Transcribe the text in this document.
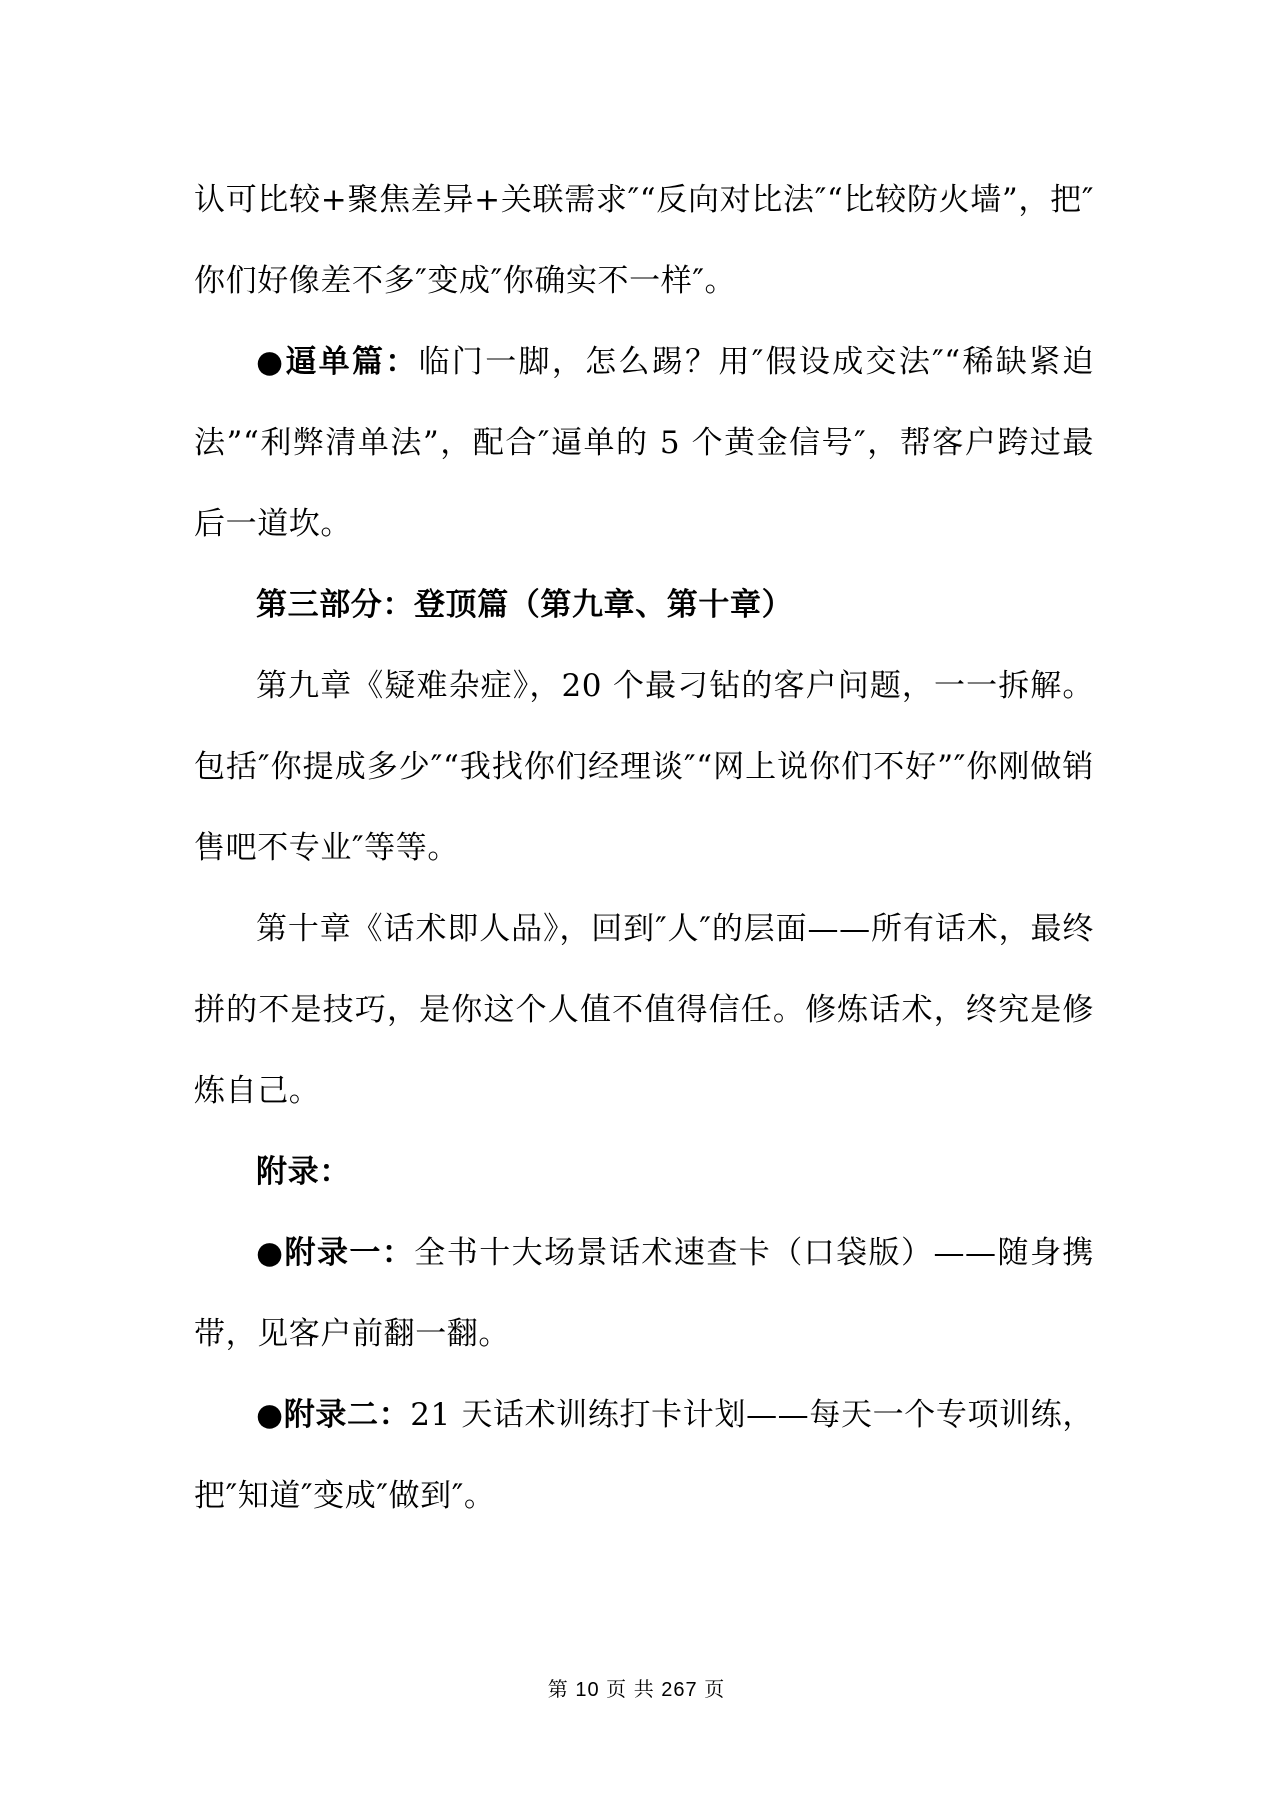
认可比较+聚焦差异+关联需求″“反向对比法″“比较防火墙”，把″你们好像差不多″变成″你确实不一样″。

●逼单篇：临门一脚，怎么踢？用″假设成交法″“稀缺紧迫法”“利弊清单法”，配合″逼单的 5 个黄金信号″，帮客户跨过最后一道坎。

第三部分：登顶篇（第九章、第十章）

第九章《疑难杂症》，20 个最刁钻的客户问题，一一拆解。包括″你提成多少″“我找你们经理谈″“网上说你们不好”″你刚做销售吧不专业″等等。

第十章《话术即人品》，回到″人″的层面——所有话术，最终拼的不是技巧，是你这个人值不值得信任。修炼话术，终究是修炼自己。

附录：

●附录一：全书十大场景话术速查卡（口袋版）——随身携带，见客户前翻一翻。

●附录二：21 天话术训练打卡计划——每天一个专项训练，把″知道″变成″做到″。

第 10 页 共 267 页
